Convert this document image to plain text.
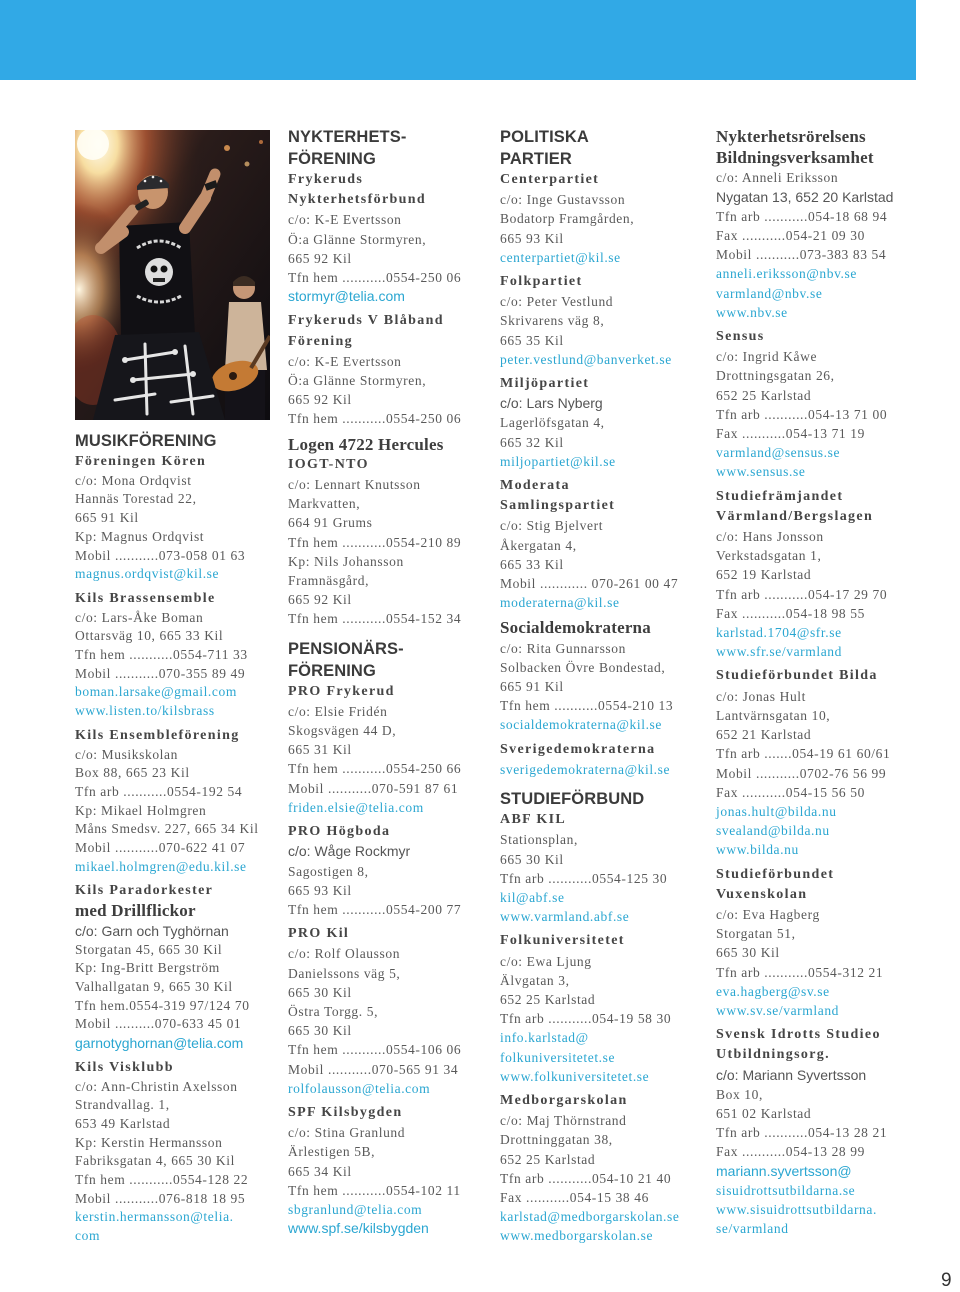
MUSIKFÖRENING
Föreningen Kören
c/o: Mona Ordqvist
Hannäs Torestad 22,
665 91 Kil
Kp: Magnus Ordqvist
Mobil ...........073-058 01 63
magnus.ordqvist@kil.se
Kils Brassensemble
c/o: Lars-Åke Boman
Ottarsväg 10, 665 33 Kil
Tfn hem ...........0554-711 33
Mobil ...........070-355 89 49
boman.larsake@gmail.com
www.listen.to/kilsbrass
Kils Ensembleförening
c/o: Musikskolan
Box 88, 665 23 Kil
Tfn arb ...........0554-192 54
Kp: Mikael Holmgren
Måns Smedsv. 227, 665 34 Kil
Mobil ...........070-622 41 07
mikael.holmgren@edu.kil.se
Kils Paradorkester
med Drillflickor
c/o: Garn och Tyghörnan
Storgatan 45, 665 30 Kil
Kp: Ing-Britt Bergström
Valhallgatan 9, 665 30 Kil
Tfn hem.0554-319 97/124 70
Mobil ..........070-633 45 01
garnotyghornan@telia.com
Kils Visklubb
c/o: Ann-Christin Axelsson
Strandvallag. 1,
653 49 Karlstad
Kp: Kerstin Hermansson
Fabriksgatan 4, 665 30 Kil
Tfn hem ...........0554-128 22
Mobil ...........076-818 18 95
kerstin.hermansson@telia.
com
NYKTERHETS-
FÖRENING
Frykeruds
Nykterhetsförbund
c/o: K-E Evertsson
Ö:a Glänne Stormyren,
665 92 Kil
Tfn hem ...........0554-250 06
stormyr@telia.com
Frykeruds V Blåband
Förening
c/o: K-E Evertsson
Ö:a Glänne Stormyren,
665 92 Kil
Tfn hem ...........0554-250 06
Logen 4722 Hercules
IOGT-NTO
c/o: Lennart Knutsson
Markvatten,
664 91 Grums
Tfn hem ...........0554-210 89
Kp: Nils Johansson
Framnäsgård,
665 92 Kil
Tfn hem ...........0554-152 34
PENSIONÄRS-
FÖRENING
PRO Frykerud
c/o: Elsie Fridén
Skogsvägen 44 D,
665 31 Kil
Tfn hem ...........0554-250 66
Mobil ...........070-591 87 61
friden.elsie@telia.com
PRO Högboda
c/o: Wåge Rockmyr
Sagostigen 8,
665 93 Kil
Tfn hem ...........0554-200 77
PRO Kil
c/o: Rolf Olausson
Danielssons väg 5,
665 30 Kil
Östra Torgg. 5,
665 30 Kil
Tfn hem ...........0554-106 06
Mobil ...........070-565 91 34
rolfolausson@telia.com
SPF Kilsbygden
c/o: Stina Granlund
Ärlestigen 5B,
665 34 Kil
Tfn hem ...........0554-102 11
sbgranlund@telia.com
www.spf.se/kilsbygden
POLITISKA
PARTIER
Centerpartiet
c/o: Inge Gustavsson
Bodatorp Framgården,
665 93 Kil
centerpartiet@kil.se
Folkpartiet
c/o: Peter Vestlund
Skrivarens väg 8,
665 35 Kil
peter.vestlund@banverket.se
Miljöpartiet
c/o: Lars Nyberg
Lagerlöfsgatan 4,
665 32 Kil
miljopartiet@kil.se
Moderata
Samlingspartiet
c/o: Stig Bjelvert
Åkergatan 4,
665 33 Kil
Mobil ............ 070-261 00 47
moderaterna@kil.se
Socialdemokraterna
c/o: Rita Gunnarsson
Solbacken Övre Bondestad,
665 91 Kil
Tfn hem ...........0554-210 13
socialdemokraterna@kil.se
Sverigedemokraterna
sverigedemokraterna@kil.se
STUDIEFÖRBUND
ABF KIL
Stationsplan,
665 30 Kil
Tfn arb ...........0554-125 30
kil@abf.se
www.varmland.abf.se
Folkuniversitetet
c/o: Ewa Ljung
Älvgatan 3,
652 25 Karlstad
Tfn arb ...........054-19 58 30
info.karlstad@
folkuniversitetet.se
www.folkuniversitetet.se
Medborgarskolan
c/o: Maj Thörnstrand
Drottninggatan 38,
652 25 Karlstad
Tfn arb ...........054-10 21 40
Fax ...........054-15 38 46
karlstad@medborgarskolan.se
www.medborgarskolan.se
Nykterhetsrörelsens
Bildningsverksamhet
c/o: Anneli Eriksson
Nygatan 13, 652 20 Karlstad
Tfn arb ...........054-18 68 94
Fax ...........054-21 09 30
Mobil ...........073-383 83 54
anneli.eriksson@nbv.se
varmland@nbv.se
www.nbv.se
Sensus
c/o: Ingrid Kåwe
Drottningsgatan 26,
652 25 Karlstad
Tfn arb ...........054-13 71 00
Fax ...........054-13 71 19
varmland@sensus.se
www.sensus.se
Studiefrämjandet
Värmland/Bergslagen
c/o: Hans Jonsson
Verkstadsgatan 1,
652 19 Karlstad
Tfn arb ...........054-17 29 70
Fax ...........054-18 98 55
karlstad.1704@sfr.se
www.sfr.se/varmland
Studieförbundet Bilda
c/o: Jonas Hult
Lantvärnsgatan 10,
652 21 Karlstad
Tfn arb .......054-19 61 60/61
Mobil ...........0702-76 56 99
Fax ...........054-15 56 50
jonas.hult@bilda.nu
svealand@bilda.nu
www.bilda.nu
Studieförbundet
Vuxenskolan
c/o: Eva Hagberg
Storgatan 51,
665 30 Kil
Tfn arb ...........0554-312 21
eva.hagberg@sv.se
www.sv.se/varmland
Svensk Idrotts Studieo
Utbildningsorg.
c/o: Mariann Syvertsson
Box 10,
651 02 Karlstad
Tfn arb ...........054-13 28 21
Fax ...........054-13 28 99
mariann.syvertsson@
sisuidrottsutbildarna.se
www.sisuidrottsutbildarna.
se/varmland
9
